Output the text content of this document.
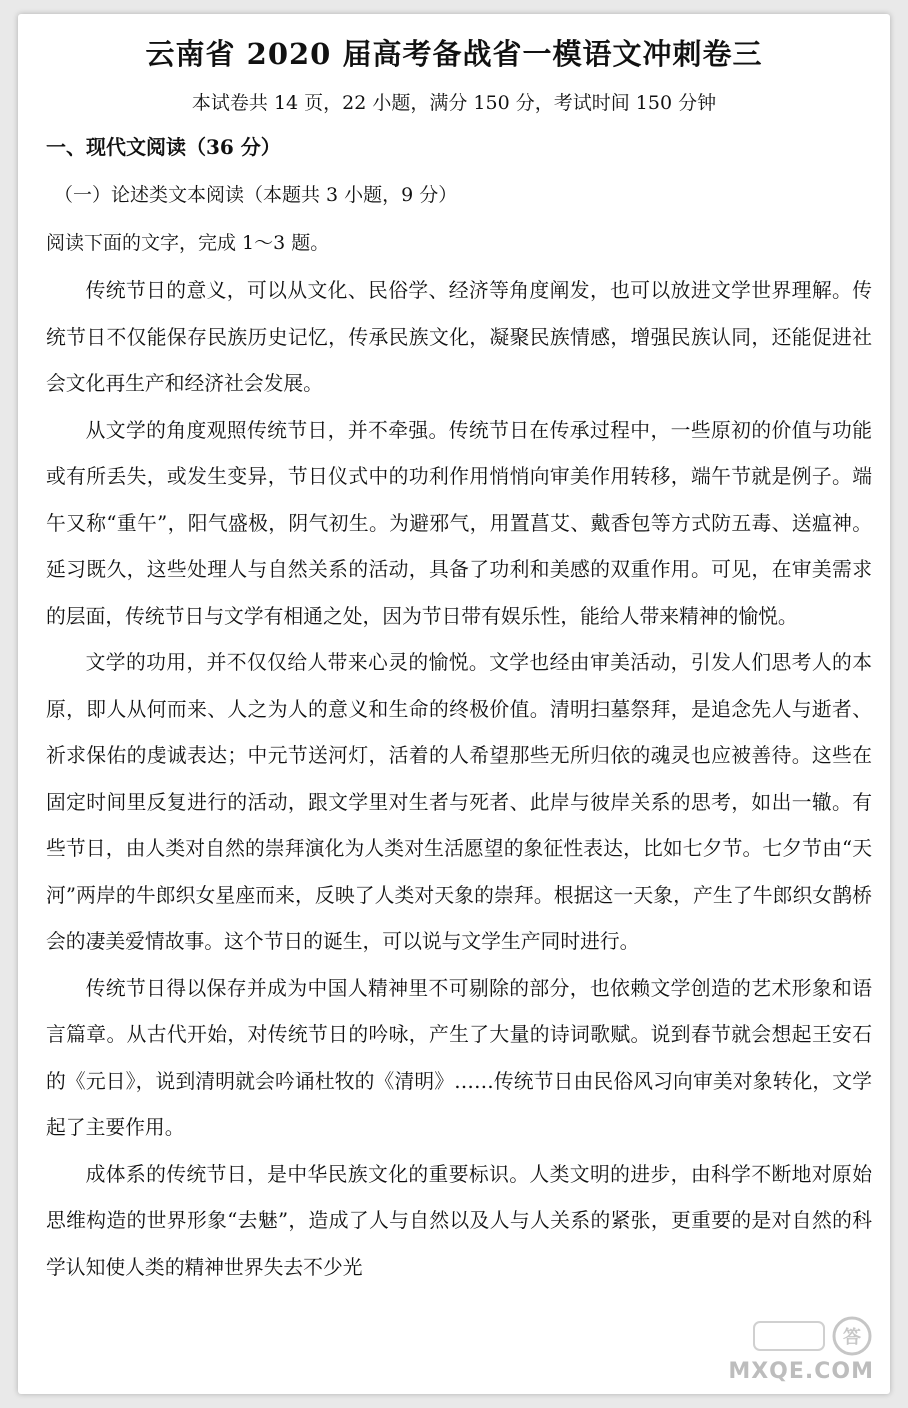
云南省 2020 届高考备战省一模语文冲刺卷三
本试卷共 14 页，22 小题，满分 150 分，考试时间 150 分钟
一、现代文阅读（36 分）
（一）论述类文本阅读（本题共 3 小题，9 分）
阅读下面的文字，完成 1～3 题。

传统节日的意义，可以从文化、民俗学、经济等角度阐发，也可以放进文学世界理解。传统节日不仅能保存民族历史记忆，传承民族文化，凝聚民族情感，增强民族认同，还能促进社会文化再生产和经济社会发展。

从文学的角度观照传统节日，并不牵强。传统节日在传承过程中，一些原初的价值与功能或有所丢失，或发生变异，节日仪式中的功利作用悄悄向审美作用转移，端午节就是例子。端午又称“重午”，阳气盛极，阴气初生。为避邪气，用置菖艾、戴香包等方式防五毒、送瘟神。延习既久，这些处理人与自然关系的活动，具备了功利和美感的双重作用。可见，在审美需求的层面，传统节日与文学有相通之处，因为节日带有娱乐性，能给人带来精神的愉悦。

文学的功用，并不仅仅给人带来心灵的愉悦。文学也经由审美活动，引发人们思考人的本原，即人从何而来、人之为人的意义和生命的终极价值。清明扫墓祭拜，是追念先人与逝者、祈求保佑的虔诚表达；中元节送河灯，活着的人希望那些无所归依的魂灵也应被善待。这些在固定时间里反复进行的活动，跟文学里对生者与死者、此岸与彼岸关系的思考，如出一辙。有些节日，由人类对自然的崇拜演化为人类对生活愿望的象征性表达，比如七夕节。七夕节由“天河”两岸的牛郎织女星座而来，反映了人类对天象的崇拜。根据这一天象，产生了牛郎织女鹊桥会的凄美爱情故事。这个节日的诞生，可以说与文学生产同时进行。

传统节日得以保存并成为中国人精神里不可剔除的部分，也依赖文学创造的艺术形象和语言篇章。从古代开始，对传统节日的吟咏，产生了大量的诗词歌赋。说到春节就会想起王安石的《元日》，说到清明就会吟诵杜牧的《清明》……传统节日由民俗风习向审美对象转化，文学起了主要作用。

成体系的传统节日，是中华民族文化的重要标识。人类文明的进步，由科学不断地对原始思维构造的世界形象“去魅”，造成了人与自然以及人与人关系的紧张，更重要的是对自然的科学认知使人类的精神世界失去不少光

答
MXQE.COM
